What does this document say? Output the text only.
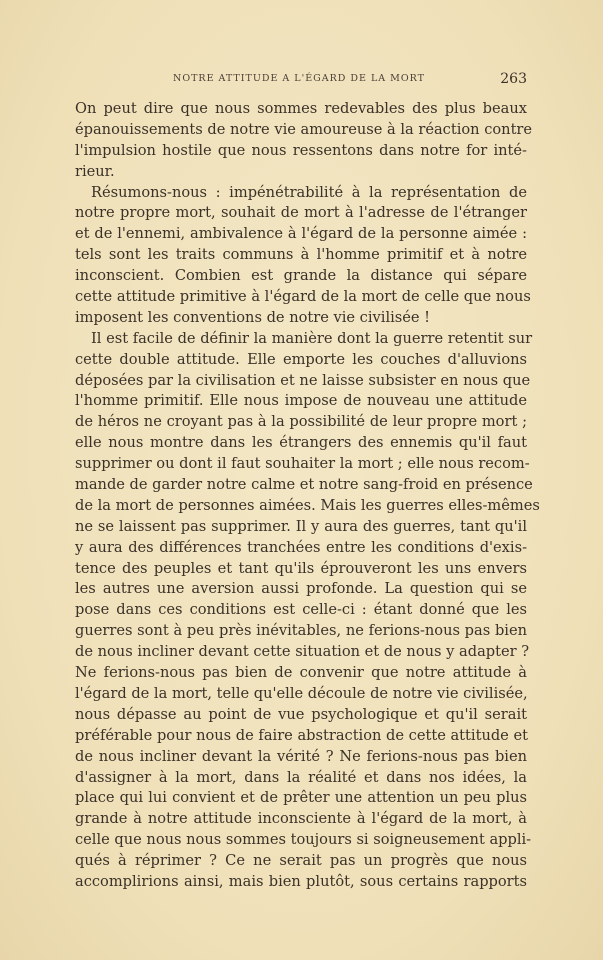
NOTRE ATTITUDE A L'ÉGARD DE LA MORT	263
On peut dire que nous sommes redevables des plus beaux
épanouissements de notre vie amoureuse à la réaction contre
l'impulsion hostile que nous ressentons dans notre for inté-
rieur.
Résumons-nous : impénétrabilité à la représentation de
notre propre mort, souhait de mort à l'adresse de l'étranger
et de l'ennemi, ambivalence à l'égard de la personne aimée :
tels sont les traits communs à l'homme primitif et à notre
inconscient. Combien est grande la distance qui sépare
cette attitude primitive à l'égard de la mort de celle que nous
imposent les conventions de notre vie civilisée !
Il est facile de définir la manière dont la guerre retentit sur
cette double attitude. Elle emporte les couches d'alluvions
déposées par la civilisation et ne laisse subsister en nous que
l'homme primitif. Elle nous impose de nouveau une attitude
de héros ne croyant pas à la possibilité de leur propre mort ;
elle nous montre dans les étrangers des ennemis qu'il faut
supprimer ou dont il faut souhaiter la mort ; elle nous recom-
mande de garder notre calme et notre sang-froid en présence
de la mort de personnes aimées. Mais les guerres elles-mêmes
ne se laissent pas supprimer. Il y aura des guerres, tant qu'il
y aura des différences tranchées entre les conditions d'exis-
tence des peuples et tant qu'ils éprouveront les uns envers
les autres une aversion aussi profonde. La question qui se
pose dans ces conditions est celle-ci : étant donné que les
guerres sont à peu près inévitables, ne ferions-nous pas bien
de nous incliner devant cette situation et de nous y adapter ?
Ne ferions-nous pas bien de convenir que notre attitude à
l'égard de la mort, telle qu'elle découle de notre vie civilisée,
nous dépasse au point de vue psychologique et qu'il serait
préférable pour nous de faire abstraction de cette attitude et
de nous incliner devant la vérité ? Ne ferions-nous pas bien
d'assigner à la mort, dans la réalité et dans nos idées, la
place qui lui convient et de prêter une attention un peu plus
grande à notre attitude inconsciente à l'égard de la mort, à
celle que nous nous sommes toujours si soigneusement appli-
qués à réprimer ? Ce ne serait pas un progrès que nous
accomplirions ainsi, mais bien plutôt, sous certains rapports
